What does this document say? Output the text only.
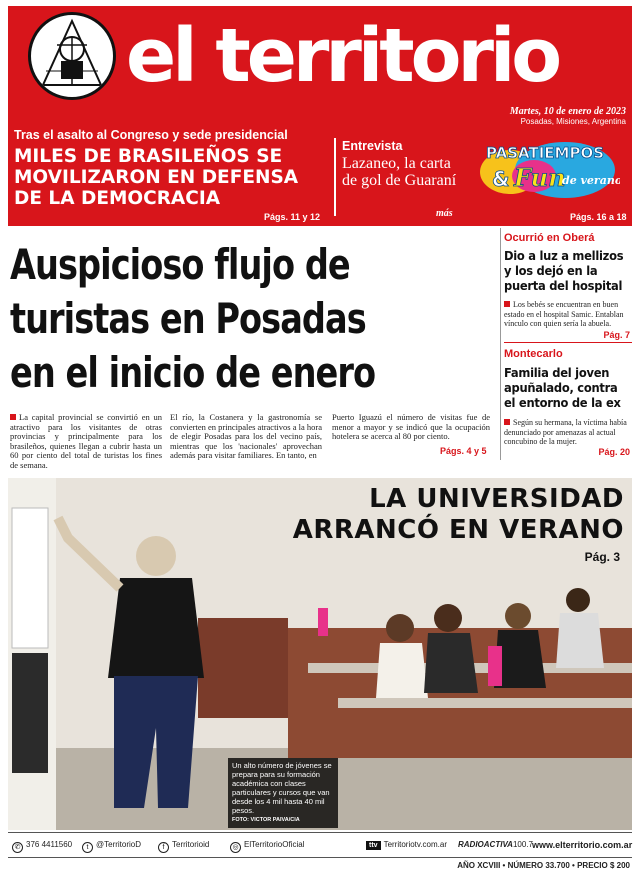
el territorio
Martes, 10 de enero de 2023
Posadas, Misiones, Argentina
Tras el asalto al Congreso y sede presidencial
MILES DE BRASILEÑOS SE MOVILIZARON EN DEFENSA DE LA DEMOCRACIA
Págs. 11 y 12
Entrevista
Lazaneo, la carta de gol de Guaraní
más
PASATIEMPOS
& Fun
de verano
Págs. 16 a 18
Auspicioso flujo de
turistas en Posadas
en el inicio de enero
La capital provincial se convirtió en un atractivo para los visitantes de otras provincias y principalmente para los brasileños, quienes llegan a cubrir hasta un 60 por ciento del total de turistas los fines de semana.
El río, la Costanera y la gastronomía se convierten en principales atractivos a la hora de elegir Posadas para los del vecino país, mientras que los 'nacionales' aprovechan además para visitar familiares. En tanto, en
Puerto Iguazú el número de visitas fue de menor a mayor y se indicó que la ocupación hotelera se acerca al 80 por ciento.
Págs. 4 y 5
Ocurrió en Oberá
Dio a luz a mellizos
y los dejó en la
puerta del hospital
Los bebés se encuentran en buen estado en el hospital Samic. Entablan vínculo con quien sería la abuela.
Pág. 7
Montecarlo
Familia del joven
apuñalado, contra
el entorno de la ex
Según su hermana, la víctima había denunciado por amenazas al actual concubino de la mujer.
Pág. 20
LA UNIVERSIDAD
ARRANCÓ EN VERANO
Pág. 3
Un alto número de jóvenes se prepara para su formación académica con clases particulares y cursos que van desde los 4 mil hasta 40 mil pesos.
FOTO: VICTOR PAIVA/CIA
✆ 376 4411560	t @TerritorioD	f Territorioid	◎ ElTerritorioOficial	ttv Territoriotv.com.ar RADIOACTIVA100.7 www.elterritorio.com.ar
AÑO XCVIII • NÚMERO 33.700 • PRECIO $ 200
